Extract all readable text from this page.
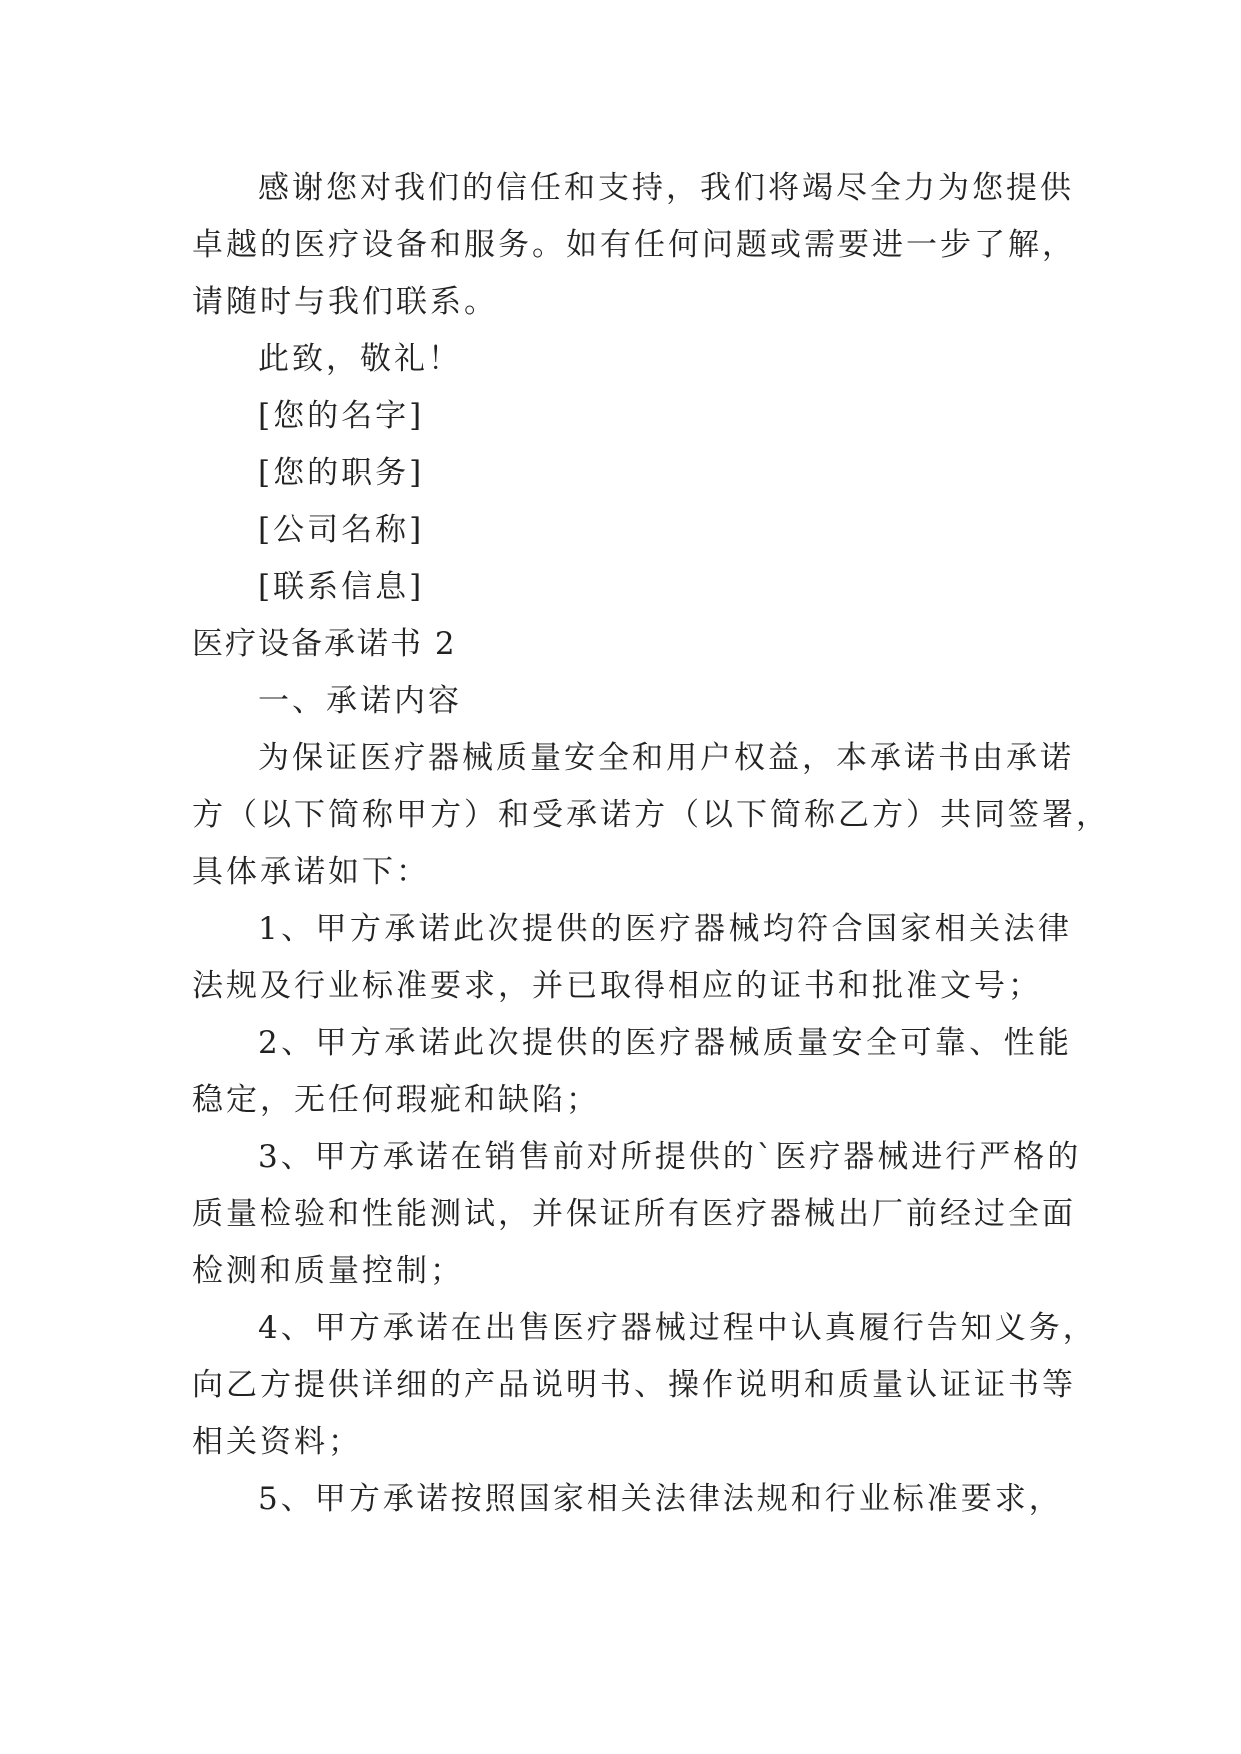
感谢您对我们的信任和支持，我们将竭尽全力为您提供
卓越的医疗设备和服务。如有任何问题或需要进一步了解，
请随时与我们联系。
此致，敬礼！
[您的名字]
[您的职务]
[公司名称]
[联系信息]
医疗设备承诺书 2
一、承诺内容
为保证医疗器械质量安全和用户权益，本承诺书由承诺
方（以下简称甲方）和受承诺方（以下简称乙方）共同签署，
具体承诺如下：
1、甲方承诺此次提供的医疗器械均符合国家相关法律
法规及行业标准要求，并已取得相应的证书和批准文号；
2、甲方承诺此次提供的医疗器械质量安全可靠、性能
稳定，无任何瑕疵和缺陷；
3、甲方承诺在销售前对所提供的`医疗器械进行严格的
质量检验和性能测试，并保证所有医疗器械出厂前经过全面
检测和质量控制；
4、甲方承诺在出售医疗器械过程中认真履行告知义务，
向乙方提供详细的产品说明书、操作说明和质量认证证书等
相关资料；
5、甲方承诺按照国家相关法律法规和行业标准要求，
